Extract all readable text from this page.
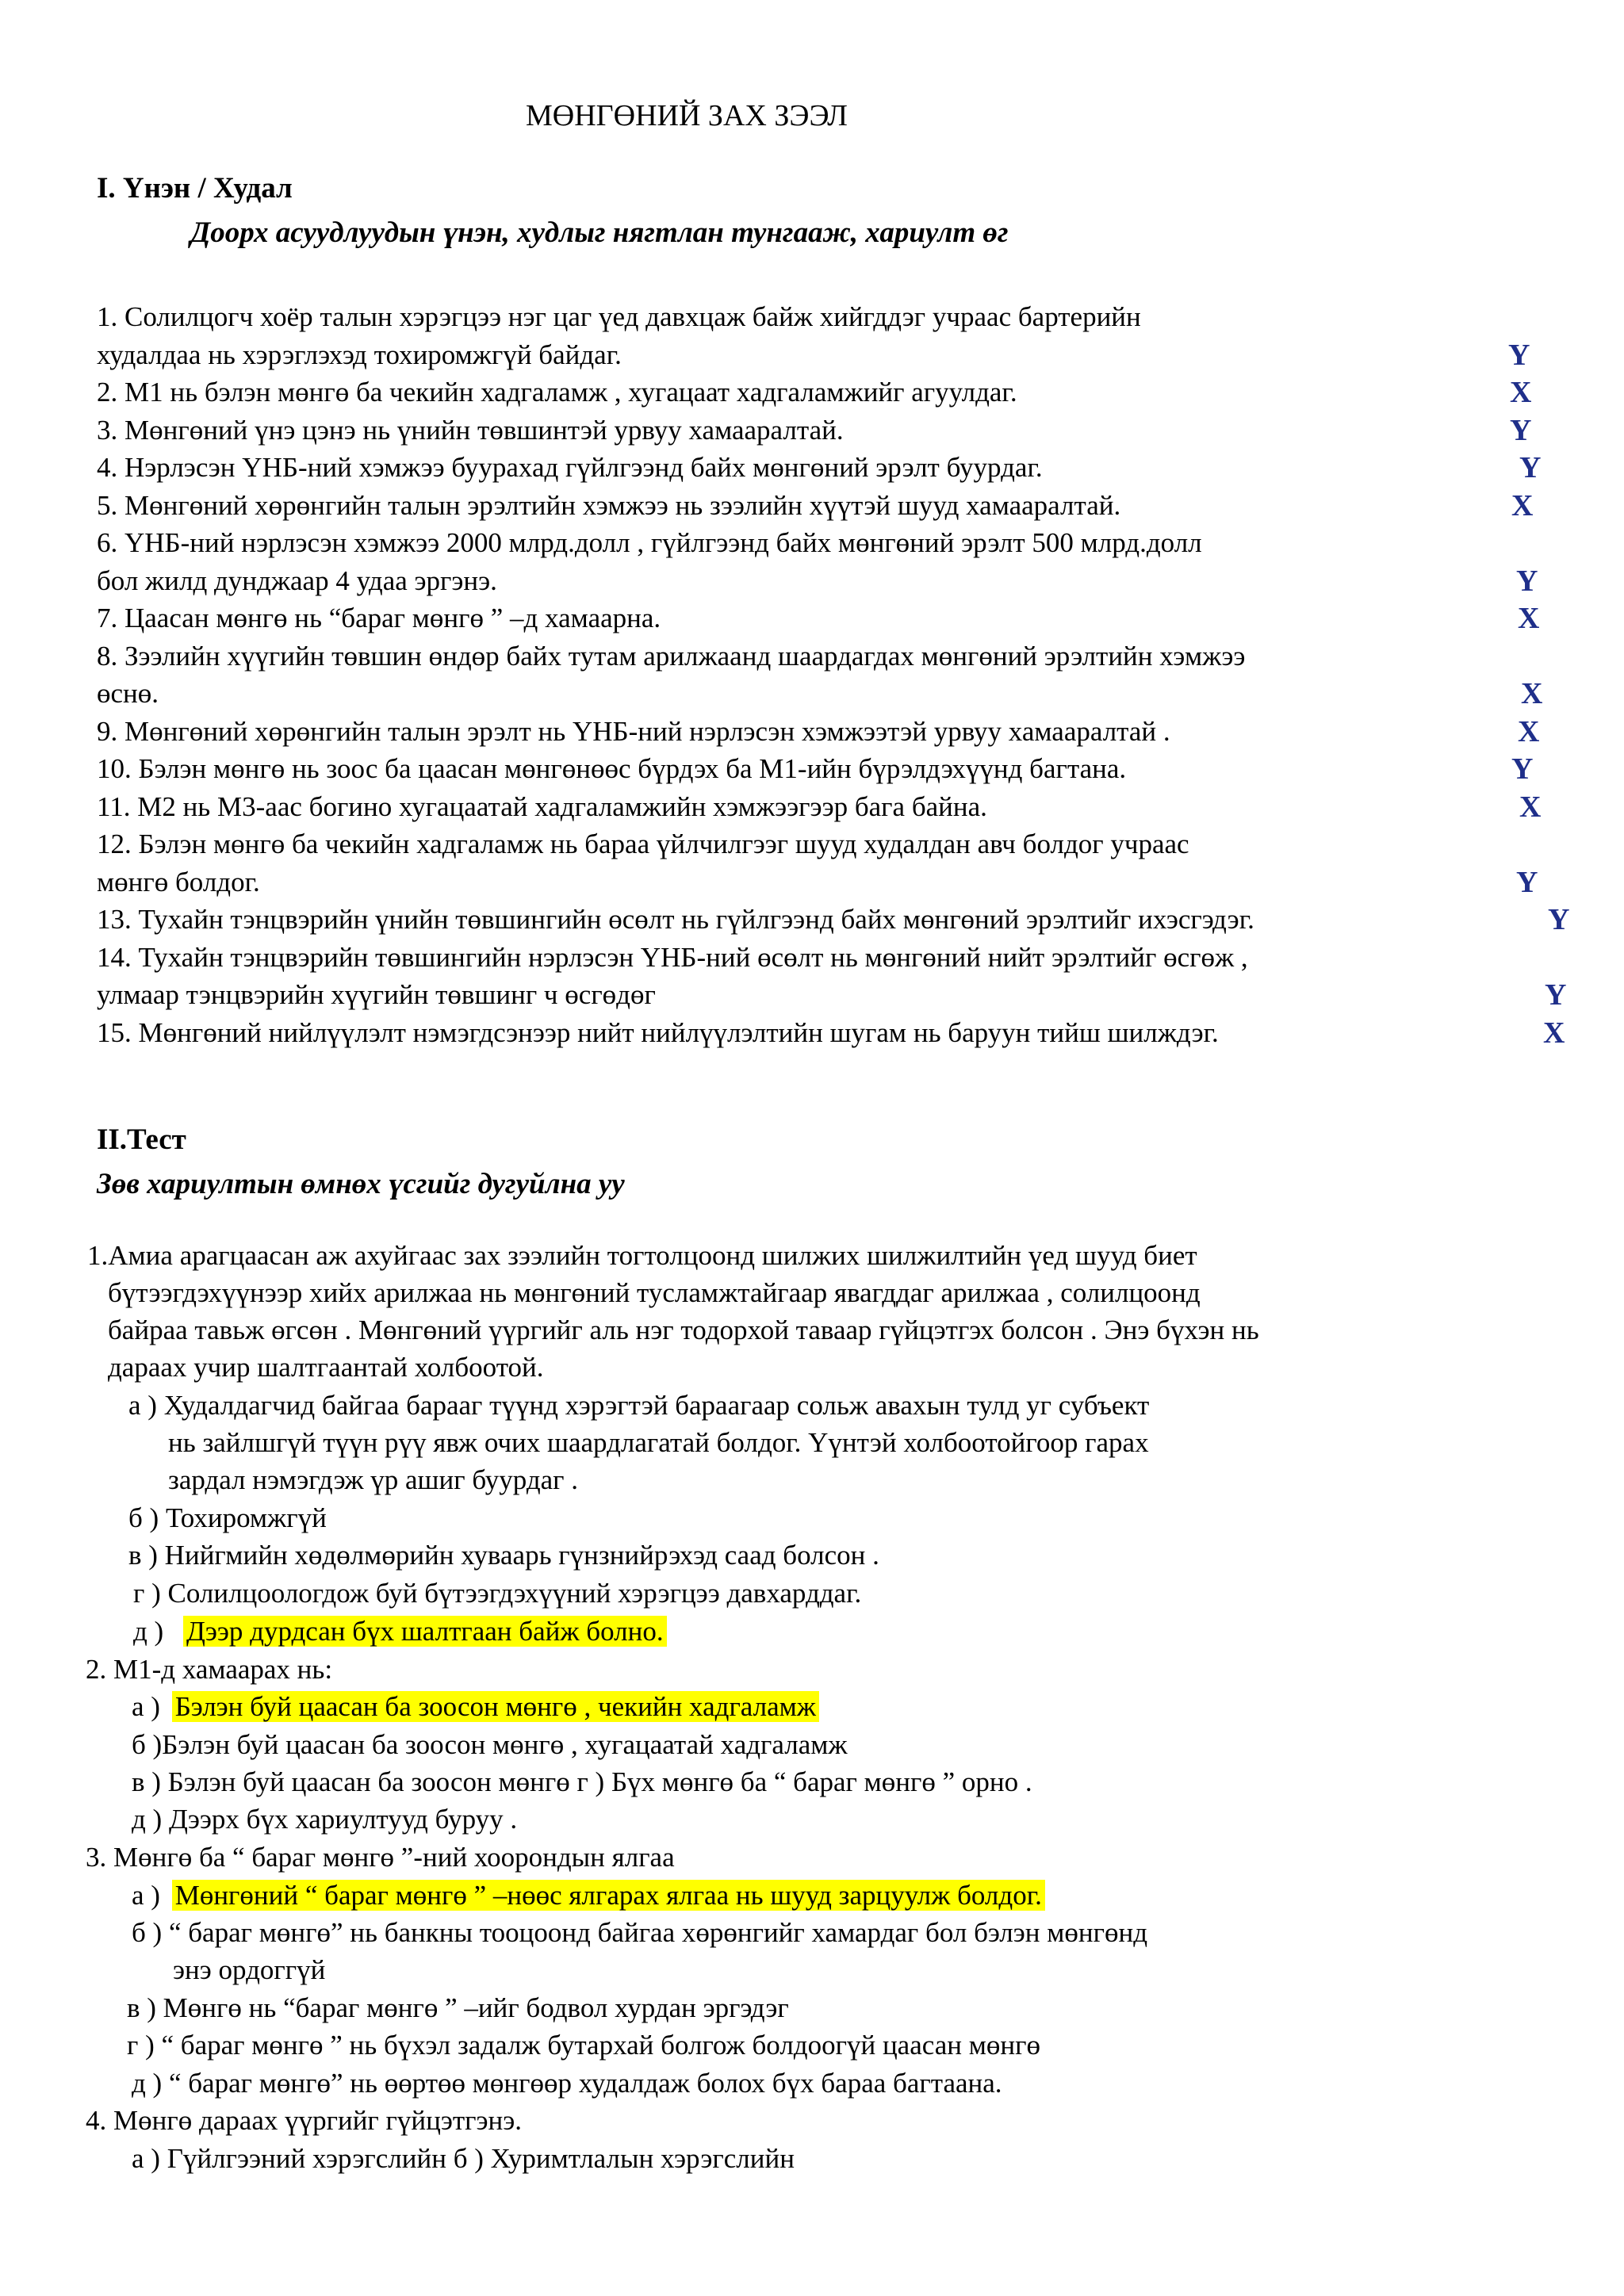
МӨНГӨНИЙ ЗАХ ЗЭЭЛ
I. Үнэн / Худал
Доорх асуудлуудын үнэн, худлыг нягтлан тунгааж, хариулт өг
1. Солилцогч хоёр талын хэрэгцээ нэг цаг үед давхцаж байж хийгддэг учраас бартерийн
худалдаа нь хэрэглэхэд тохиромжгүй байдаг.	Y
2. М1 нь бэлэн мөнгө ба чекийн хадгаламж , хугацаат хадгаламжийг агуулдаг.	X
3. Мөнгөний үнэ цэнэ нь үнийн төвшинтэй урвуу хамааралтай.	Y
4. Нэрлэсэн ҮНБ-ний хэмжээ буурахад гүйлгээнд байх мөнгөний эрэлт буурдаг.	Y
5. Мөнгөний хөрөнгийн талын эрэлтийн хэмжээ нь зээлийн хүүтэй шууд хамааралтай.	X
6. ҮНБ-ний нэрлэсэн хэмжээ 2000 млрд.долл , гүйлгээнд байх мөнгөний эрэлт 500 млрд.долл
бол жилд дунджаар 4 удаа эргэнэ.	Y
7. Цаасан мөнгө нь “бараг мөнгө ” –д хамаарна.	X
8. Зээлийн хүүгийн төвшин өндөр байх тутам арилжаанд шаардагдах мөнгөний эрэлтийн хэмжээ
өснө.	X
9. Мөнгөний хөрөнгийн талын эрэлт нь ҮНБ-ний нэрлэсэн хэмжээтэй урвуу хамааралтай .	X
10. Бэлэн мөнгө нь зоос ба цаасан мөнгөнөөс бүрдэх ба М1-ийн бүрэлдэхүүнд багтана.	Y
11. М2 нь М3-аас богино хугацаатай хадгаламжийн хэмжээгээр бага байна.	X
12. Бэлэн мөнгө ба чекийн хадгаламж нь бараа үйлчилгээг шууд худалдан авч болдог учраас
мөнгө болдог.	Y
13. Тухайн тэнцвэрийн үнийн төвшингийн өсөлт нь гүйлгээнд байх мөнгөний эрэлтийг ихэсгэдэг.	Y
14. Тухайн тэнцвэрийн төвшингийн нэрлэсэн ҮНБ-ний өсөлт нь мөнгөний нийт эрэлтийг өсгөж ,
улмаар тэнцвэрийн хүүгийн төвшинг ч өсгөдөг	Y
15. Мөнгөний нийлүүлэлт нэмэгдсэнээр нийт нийлүүлэлтийн шугам нь баруун тийш шилждэг.	X
II.Тест
Зөв хариултын өмнөх үсгийг дугуйлна уу
1.Амиа арагцаасан аж ахуйгаас зах зээлийн тогтолцоонд шилжих шилжилтийн үед шууд биет
бүтээгдэхүүнээр хийх арилжаа нь мөнгөний тусламжтайгаар явагддаг арилжаа , солилцоонд
байраа тавьж өгсөн . Мөнгөний үүргийг аль нэг тодорхой тавааp гүйцэтгэх болсон . Энэ бүхэн нь
дараах учир шалтгаантай холбоотой.
а ) Худалдагчид байгаа барааг түүнд хэрэгтэй бараагаар сольж авахын тулд уг субъект
нь зайлшгүй түүн рүү явж очих шаардлагатай болдог. Үүнтэй холбоотойгоор гарах
зардал нэмэгдэж үр ашиг буурдаг .
б ) Тохиромжгүй
в ) Нийгмийн хөдөлмөрийн хуваарь гүнзнийрэхэд саад болсон .
г ) Солилцоологдож буй бүтээгдэхүүний хэрэгцээ давхарддаг.
д ) Дээр дурдсан бүх шалтгаан байж болно.
2. М1-д хамаарах нь:
а ) Бэлэн буй цаасан ба зоосон мөнгө , чекийн хадгаламж
б )Бэлэн буй цаасан ба зоосон мөнгө , хугацаатай хадгаламж
в ) Бэлэн буй цаасан ба зоосон мөнгө г ) Бүх мөнгө ба “ бараг мөнгө ” орно .
д ) Дээрх бүх хариултууд буруу .
3. Мөнгө ба “ бараг мөнгө ”-ний хоорондын ялгаа
а ) Мөнгөний “ бараг мөнгө ” –нөөс ялгарах ялгаа нь шууд зарцуулж болдог.
б ) “ бараг мөнгө” нь банкны тооцоонд байгаа хөрөнгийг хамардаг бол бэлэн мөнгөнд
энэ ордоггүй
в ) Мөнгө нь “бараг мөнгө ” –ийг бодвол хурдан эргэдэг
г ) “ бараг мөнгө ” нь бүхэл задалж бутархай болгож болдоогүй цаасан мөнгө
д ) “ бараг мөнгө” нь өөртөө мөнгөөр худалдаж болох бүх бараа багтаана.
4. Мөнгө дараах үүргийг гүйцэтгэнэ.
а ) Гүйлгээний хэрэгслийн б ) Хуримтлалын хэрэгслийн
